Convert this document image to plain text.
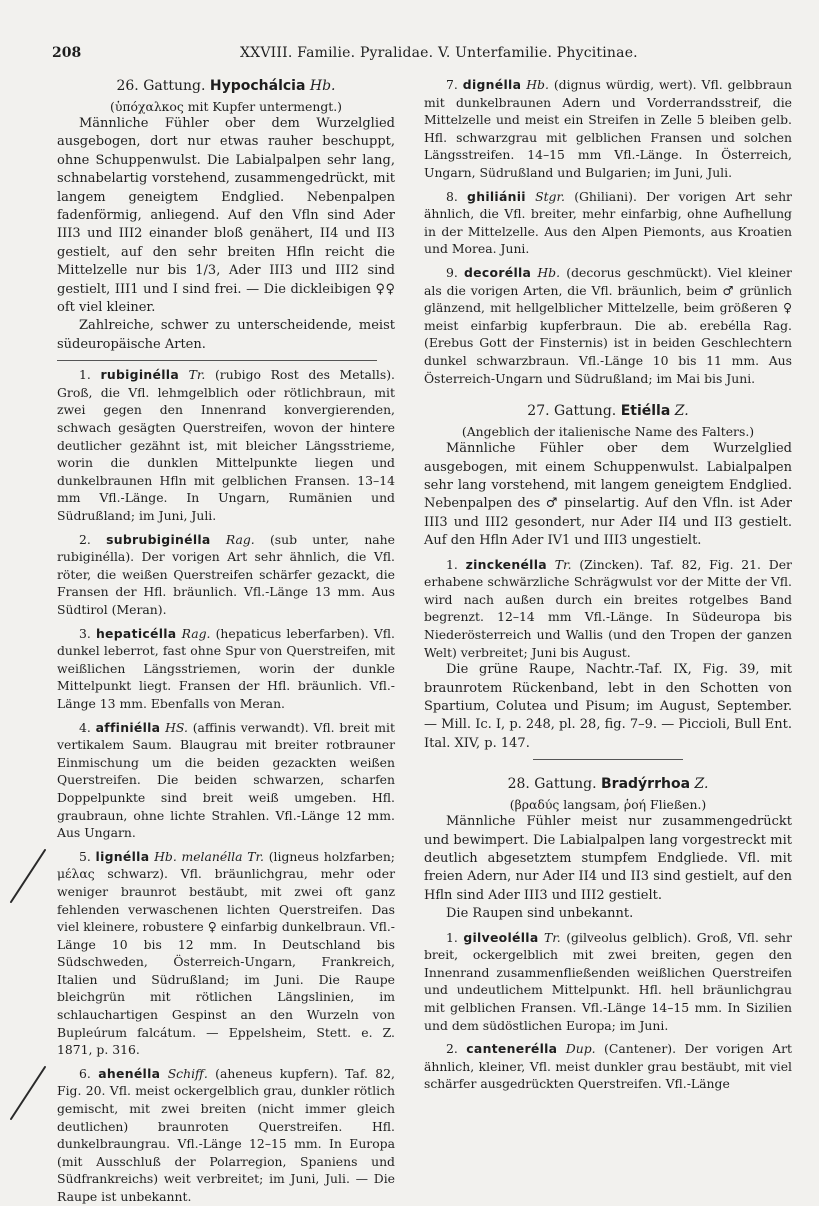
208	XXVIII. Familie. Pyralidae. V. Unterfamilie. Phycitinae.
26. Gattung. Hypochálcia Hb.

(ὑπόχαλκος mit Kupfer untermengt.)

Männliche Fühler ober dem Wurzelglied ausgebogen, dort nur etwas rauher beschuppt, ohne Schuppenwulst. Die Labialpalpen sehr lang, schnabelartig vorstehend, zusammengedrückt, mit langem geneigtem Endglied. Nebenpalpen fadenförmig, anliegend. Auf den Vfln sind Ader III3 und III2 einander bloß genähert, II4 und II3 gestielt, auf den sehr breiten Hfln reicht die Mittelzelle nur bis 1/3, Ader III3 und III2 sind gestielt, III1 und I sind frei. — Die dickleibigen ♀♀ oft viel kleiner.

Zahlreiche, schwer zu unterscheidende, meist südeuropäische Arten.

1. rubiginélla Tr. (rubigo Rost des Metalls). Groß, die Vfl. lehmgelblich oder rötlichbraun, mit zwei gegen den Innenrand konvergierenden, schwach gesägten Querstreifen, wovon der hintere deutlicher gezähnt ist, mit bleicher Längsstrieme, worin die dunklen Mittelpunkte liegen und dunkelbraunen Hfln mit gelblichen Fransen. 13–14 mm Vfl.-Länge. In Ungarn, Rumänien und Südrußland; im Juni, Juli.

2. subrubiginélla Rag. (sub unter, nahe rubiginélla). Der vorigen Art sehr ähnlich, die Vfl. röter, die weißen Querstreifen schärfer gezackt, die Fransen der Hfl. bräunlich. Vfl.-Länge 13 mm. Aus Südtirol (Meran).

3. hepaticélla Rag. (hepaticus leberfarben). Vfl. dunkel leberrot, fast ohne Spur von Querstreifen, mit weißlichen Längsstriemen, worin der dunkle Mittelpunkt liegt. Fransen der Hfl. bräunlich. Vfl.-Länge 13 mm. Ebenfalls von Meran.

4. affiniélla HS. (affinis verwandt). Vfl. breit mit vertikalem Saum. Blaugrau mit breiter rotbrauner Einmischung um die beiden gezackten weißen Querstreifen. Die beiden schwarzen, scharfen Doppelpunkte sind breit weiß umgeben. Hfl. graubraun, ohne lichte Strahlen. Vfl.-Länge 12 mm. Aus Ungarn.

5. lignélla Hb. melanélla Tr. (ligneus holzfarben; μέλας schwarz). Vfl. bräunlichgrau, mehr oder weniger braunrot bestäubt, mit zwei oft ganz fehlenden verwaschenen lichten Querstreifen. Das viel kleinere, robustere ♀ einfarbig dunkelbraun. Vfl.-Länge 10 bis 12 mm. In Deutschland bis Südschweden, Österreich-Ungarn, Frankreich, Italien und Südrußland; im Juni. Die Raupe bleichgrün mit rötlichen Längslinien, im schlauchartigen Gespinst an den Wurzeln von Bupleúrum falcátum. — Eppelsheim, Stett. e. Z. 1871, p. 316.

6. ahenélla Schiff. (aheneus kupfern). Taf. 82, Fig. 20. Vfl. meist ockergelblich grau, dunkler rötlich gemischt, mit zwei breiten (nicht immer gleich deutlichen) braunroten Querstreifen. Hfl. dunkelbraungrau. Vfl.-Länge 12–15 mm. In Europa (mit Ausschluß der Polarregion, Spaniens und Südfrankreichs) weit verbreitet; im Juni, Juli. — Die Raupe ist unbekannt.

7. dignélla Hb. (dignus würdig, wert). Vfl. gelbbraun mit dunkelbraunen Adern und Vorderrandsstreif, die Mittelzelle und meist ein Streifen in Zelle 5 bleiben gelb. Hfl. schwarzgrau mit gelblichen Fransen und solchen Längsstreifen. 14–15 mm Vfl.-Länge. In Österreich, Ungarn, Südrußland und Bulgarien; im Juni, Juli.

8. ghiliánii Stgr. (Ghiliani). Der vorigen Art sehr ähnlich, die Vfl. breiter, mehr einfarbig, ohne Aufhellung in der Mittelzelle. Aus den Alpen Piemonts, aus Kroatien und Morea. Juni.

9. decorélla Hb. (decorus geschmückt). Viel kleiner als die vorigen Arten, die Vfl. bräunlich, beim ♂ grünlich glänzend, mit hellgelblicher Mittelzelle, beim größeren ♀ meist einfarbig kupferbraun. Die ab. erebélla Rag. (Erebus Gott der Finsternis) ist in beiden Geschlechtern dunkel schwarzbraun. Vfl.-Länge 10 bis 11 mm. Aus Österreich-Ungarn und Südrußland; im Mai bis Juni.

27. Gattung. Etiélla Z.

(Angeblich der italienische Name des Falters.)

Männliche Fühler ober dem Wurzelglied ausgebogen, mit einem Schuppenwulst. Labialpalpen sehr lang vorstehend, mit langem geneigtem Endglied. Nebenpalpen des ♂ pinselartig. Auf den Vfln. ist Ader III3 und III2 gesondert, nur Ader II4 und II3 gestielt. Auf den Hfln Ader IV1 und III3 ungestielt.

1. zinckenélla Tr. (Zincken). Taf. 82, Fig. 21. Der erhabene schwärzliche Schrägwulst vor der Mitte der Vfl. wird nach außen durch ein breites rotgelbes Band begrenzt. 12–14 mm Vfl.-Länge. In Südeuropa bis Niederösterreich und Wallis (und den Tropen der ganzen Welt) verbreitet; Juni bis August.

Die grüne Raupe, Nachtr.-Taf. IX, Fig. 39, mit braunrotem Rückenband, lebt in den Schotten von Spartium, Colutea und Pisum; im August, September. — Mill. Ic. I, p. 248, pl. 28, fig. 7–9. — Piccioli, Bull Ent. Ital. XIV, p. 147.

28. Gattung. Bradýrrhoa Z.

(βραδύς langsam, ῥοή Fließen.)

Männliche Fühler meist nur zusammengedrückt und bewimpert. Die Labialpalpen lang vorgestreckt mit deutlich abgesetztem stumpfem Endgliede. Vfl. mit freien Adern, nur Ader II4 und II3 sind gestielt, auf den Hfln sind Ader III3 und III2 gestielt.

Die Raupen sind unbekannt.

1. gilveolélla Tr. (gilveolus gelblich). Groß, Vfl. sehr breit, ockergelblich mit zwei breiten, gegen den Innenrand zusammenfließenden weißlichen Querstreifen und undeutlichem Mittelpunkt. Hfl. hell bräunlichgrau mit gelblichen Fransen. Vfl.-Länge 14–15 mm. In Sizilien und dem südöstlichen Europa; im Juni.

2. cantenerélla Dup. (Cantener). Der vorigen Art ähnlich, kleiner, Vfl. meist dunkler grau bestäubt, mit viel schärfer ausgedrückten Querstreifen. Vfl.-Länge
